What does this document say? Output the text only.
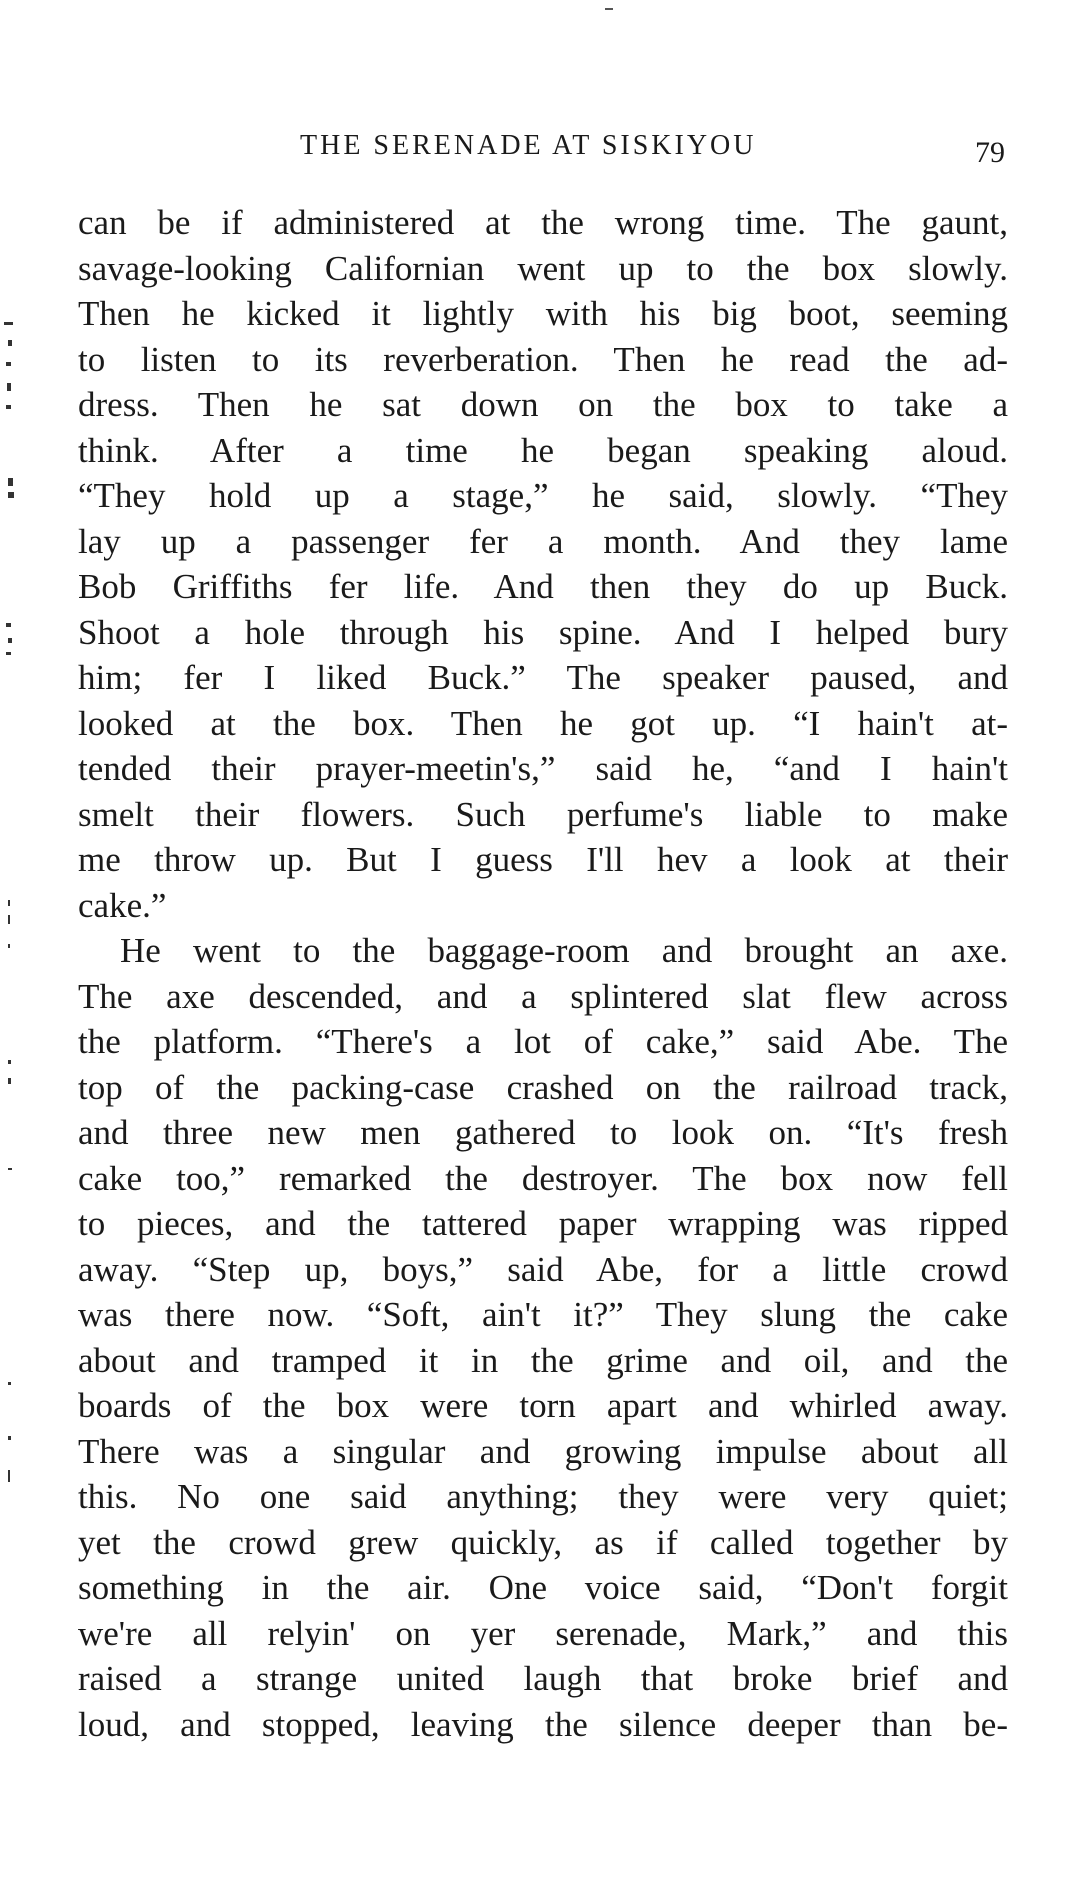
THE SERENADE AT SISKIYOU	79
can be if administered at the wrong time. The gaunt,
savage-looking Californian went up to the box slowly.
Then he kicked it lightly with his big boot, seeming
to listen to its reverberation. Then he read the ad-
dress. Then he sat down on the box to take a
think. After a time he began speaking aloud.
“They hold up a stage,” he said, slowly. “They
lay up a passenger fer a month. And they lame
Bob Griffiths fer life. And then they do up Buck.
Shoot a hole through his spine. And I helped bury
him; fer I liked Buck.” The speaker paused, and
looked at the box. Then he got up. “I hain't at-
tended their prayer-meetin's,” said he, “and I hain't
smelt their flowers. Such perfume's liable to make
me throw up. But I guess I'll hev a look at their
cake.”
He went to the baggage-room and brought an axe.
The axe descended, and a splintered slat flew across
the platform. “There's a lot of cake,” said Abe. The
top of the packing-case crashed on the railroad track,
and three new men gathered to look on. “It's fresh
cake too,” remarked the destroyer. The box now fell
to pieces, and the tattered paper wrapping was ripped
away. “Step up, boys,” said Abe, for a little crowd
was there now. “Soft, ain't it?” They slung the cake
about and tramped it in the grime and oil, and the
boards of the box were torn apart and whirled away.
There was a singular and growing impulse about all
this. No one said anything; they were very quiet;
yet the crowd grew quickly, as if called together by
something in the air. One voice said, “Don't forgit
we're all relyin' on yer serenade, Mark,” and this
raised a strange united laugh that broke brief and
loud, and stopped, leaving the silence deeper than be-
